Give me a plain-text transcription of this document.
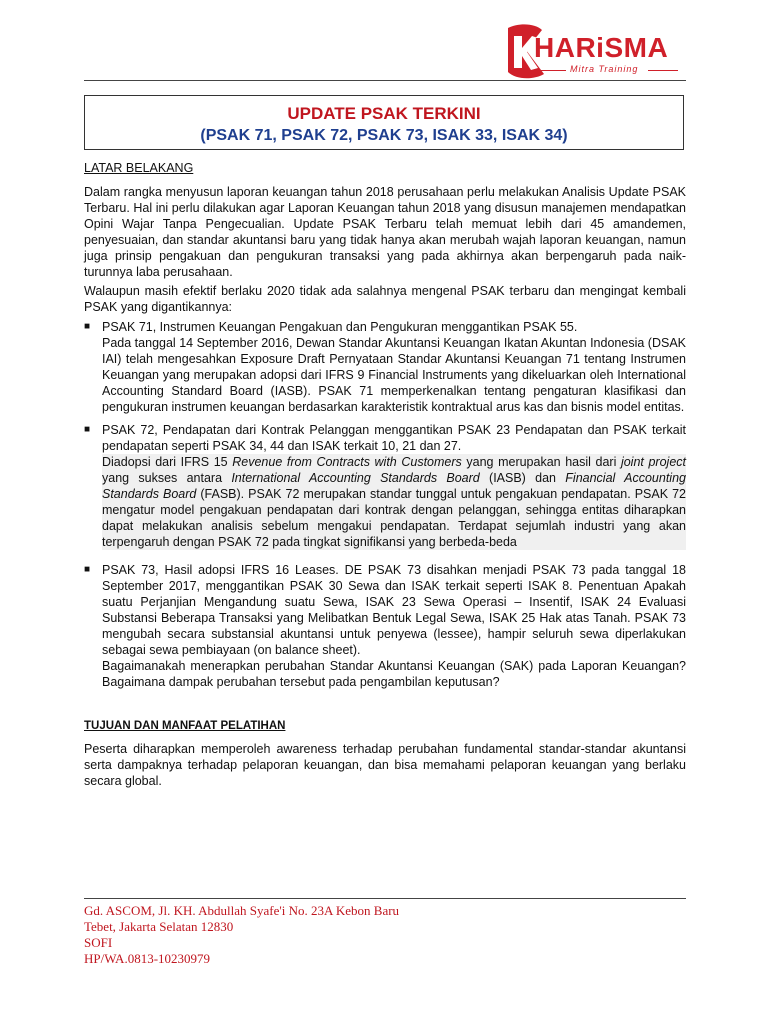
HARiSMA
Mitra Training
UPDATE PSAK TERKINI
(PSAK 71, PSAK 72, PSAK 73, ISAK 33, ISAK 34)
LATAR BELAKANG

Dalam rangka menyusun laporan keuangan tahun 2018 perusahaan perlu melakukan Analisis Update PSAK Terbaru. Hal ini perlu dilakukan agar Laporan Keuangan tahun 2018 yang disusun manajemen mendapatkan Opini Wajar Tanpa Pengecualian. Update PSAK Terbaru telah memuat lebih dari 45 amandemen, penyesuaian, dan standar akuntansi baru yang tidak hanya akan merubah wajah laporan keuangan, namun juga prinsip pengakuan dan pengukuran transaksi yang pada akhirnya akan berpengaruh pada naik-turunnya laba perusahaan.

Walaupun masih efektif berlaku 2020 tidak ada salahnya mengenal PSAK terbaru dan mengingat kembali PSAK yang digantikannya:

■ PSAK 71, Instrumen Keuangan Pengakuan dan Pengukuran menggantikan PSAK 55.

Pada tanggal 14 September 2016, Dewan Standar Akuntansi Keuangan Ikatan Akuntan Indonesia (DSAK IAI) telah mengesahkan Exposure Draft Pernyataan Standar Akuntansi Keuangan 71 tentang Instrumen Keuangan yang merupakan adopsi dari IFRS 9 Financial Instruments yang dikeluarkan oleh International Accounting Standard Board (IASB). PSAK 71 memperkenalkan tentang pengaturan klasifikasi dan pengukuran instrumen keuangan berdasarkan karakteristik kontraktual arus kas dan bisnis model entitas.

■ PSAK 72, Pendapatan dari Kontrak Pelanggan menggantikan PSAK 23 Pendapatan dan PSAK terkait pendapatan seperti PSAK 34, 44 dan ISAK terkait 10, 21 dan 27.

Diadopsi dari IFRS 15 Revenue from Contracts with Customers yang merupakan hasil dari joint project yang sukses antara International Accounting Standards Board (IASB) dan Financial Accounting Standards Board (FASB). PSAK 72 merupakan standar tunggal untuk pengakuan pendapatan. PSAK 72 mengatur model pengakuan pendapatan dari kontrak dengan pelanggan, sehingga entitas diharapkan dapat melakukan analisis sebelum mengakui pendapatan. Terdapat sejumlah industri yang akan terpengaruh dengan PSAK 72 pada tingkat signifikansi yang berbeda-beda

■ PSAK 73, Hasil adopsi IFRS 16 Leases. DE PSAK 73 disahkan menjadi PSAK 73 pada tanggal 18 September 2017, menggantikan PSAK 30 Sewa dan ISAK terkait seperti ISAK 8. Penentuan Apakah suatu Perjanjian Mengandung suatu Sewa, ISAK 23 Sewa Operasi – Insentif, ISAK 24 Evaluasi Substansi Beberapa Transaksi yang Melibatkan Bentuk Legal Sewa, ISAK 25 Hak atas Tanah. PSAK 73 mengubah secara substansial akuntansi untuk penyewa (lessee), hampir seluruh sewa diperlakukan sebagai sewa pembiayaan (on balance sheet).

Bagaimanakah menerapkan perubahan Standar Akuntansi Keuangan (SAK) pada Laporan Keuangan? Bagaimana dampak perubahan tersebut pada pengambilan keputusan?

TUJUAN DAN MANFAAT PELATIHAN

Peserta diharapkan memperoleh awareness terhadap perubahan fundamental standar-standar akuntansi serta dampaknya terhadap pelaporan keuangan, dan bisa memahami pelaporan keuangan yang berlaku secara global.

Gd. ASCOM, Jl. KH. Abdullah Syafe'i No. 23A Kebon Baru
Tebet, Jakarta Selatan 12830
SOFI
HP/WA.0813-10230979
